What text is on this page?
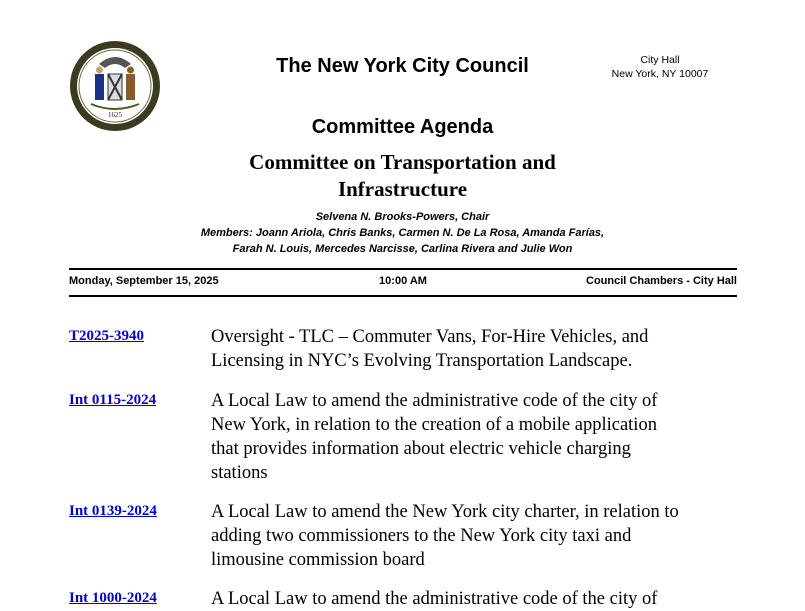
1625
The New York City Council	City Hall
New York, NY 10007
Committee Agenda
Committee on Transportation and
Infrastructure
Selvena N. Brooks-Powers, Chair
Members: Joann Ariola, Chris Banks, Carmen N. De La Rosa, Amanda Farías,
Farah N. Louis, Mercedes Narcisse, Carlina Rivera and Julie Won
Monday, September 15, 2025	10:00 AM	Council Chambers - City Hall
T2025-3940	Oversight - TLC – Commuter Vans, For-Hire Vehicles, and
Licensing in NYC’s Evolving Transportation Landscape.
Int 0115-2024	A Local Law to amend the administrative code of the city of
New York, in relation to the creation of a mobile application
that provides information about electric vehicle charging
stations
Int 0139-2024	A Local Law to amend the New York city charter, in relation to
adding two commissioners to the New York city taxi and
limousine commission board
Int 1000-2024	A Local Law to amend the administrative code of the city of
